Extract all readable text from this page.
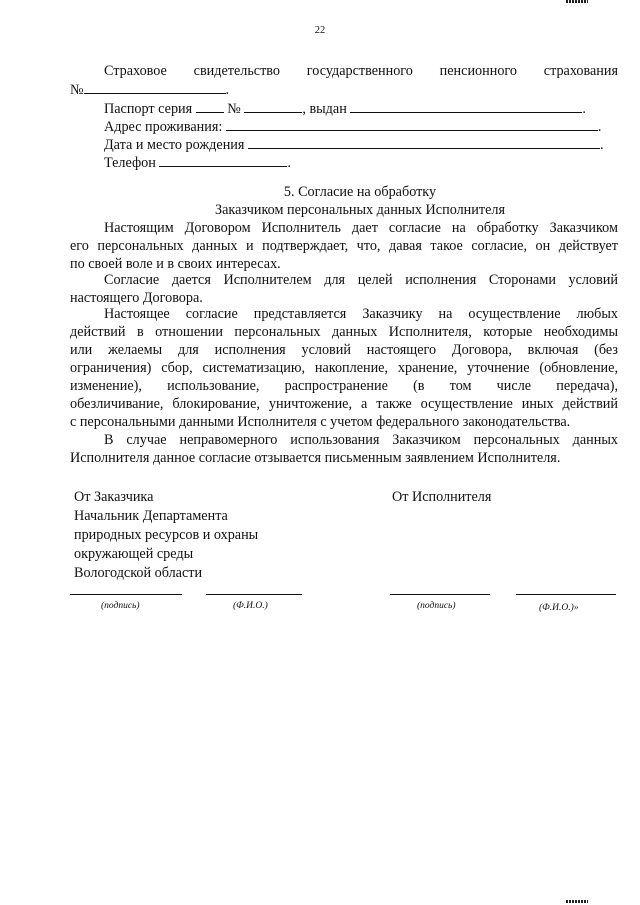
22
Страховое свидетельство государственного пенсионного страхования
№	.
Паспорт серия №	, выдан	.
Адрес проживания:	.
Дата и место рождения	.
Телефон	.
5. Согласие на обработку
Заказчиком персональных данных Исполнителя
Настоящим Договором Исполнитель дает согласие на обработку Заказчиком
его персональных данных и подтверждает, что, давая такое согласие, он действует
по своей воле и в своих интересах.
Согласие дается Исполнителем для целей исполнения Сторонами условий
настоящего Договора.
Настоящее согласие представляется Заказчику на осуществление любых
действий в отношении персональных данных Исполнителя, которые необходимы
или желаемы для исполнения условий настоящего Договора, включая (без
ограничения) сбор, систематизацию, накопление, хранение, уточнение (обновление,
изменение), использование, распространение (в том числе передача),
обезличивание, блокирование, уничтожение, а также осуществление иных действий
с персональными данными Исполнителя с учетом федерального законодательства.
В случае неправомерного использования Заказчиком персональных данных
Исполнителя данное согласие отзывается письменным заявлением Исполнителя.
От Заказчика
Начальник Департамента
природных ресурсов и охраны
окружающей среды
Вологодской области
От Исполнителя
(подпись)	(Ф.И.О.)	(подпись)	(Ф.И.О.)»
